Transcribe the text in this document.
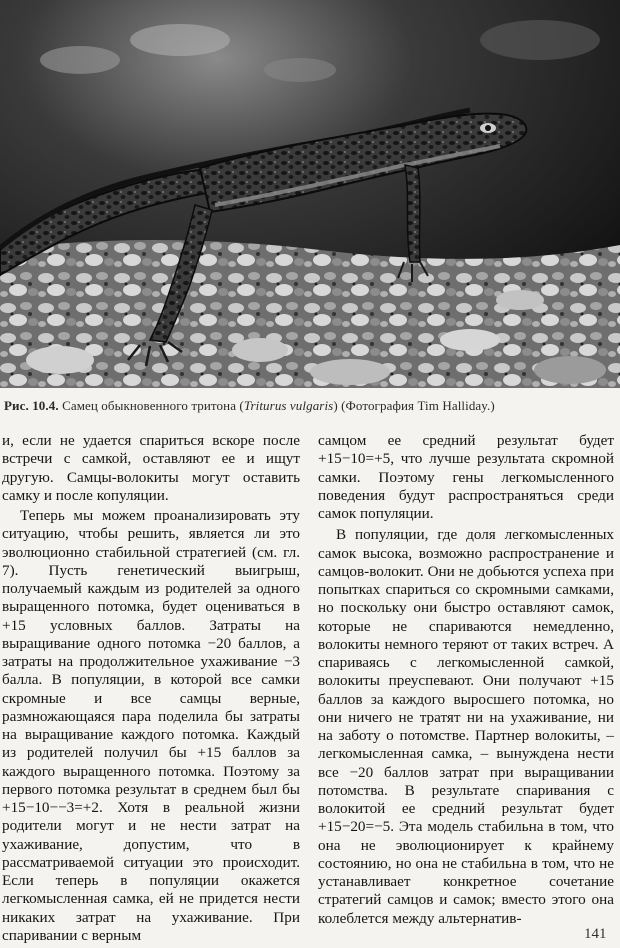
Рис. 10.4. Самец обыкновенного тритона (Triturus vulgaris) (Фотография Tim Halliday.)

и, если не удается спариться вскоре после встречи с самкой, оставляют ее и ищут другую. Самцы-волокиты могут оставить самку и после копуляции.

Теперь мы можем проанализировать эту ситуацию, чтобы решить, является ли это эволюционно стабильной стратегией (см. гл. 7). Пусть генетический выигрыш, получаемый каждым из родителей за одного выращенного потомка, будет оцениваться в +15 условных баллов. Затраты на выращивание одного потомка −20 баллов, а затраты на продолжительное ухаживание −3 балла. В популяции, в которой все самки скромные и все самцы верные, размножающаяся пара поделила бы затраты на выращивание каждого потомка. Каждый из родителей получил бы +15 баллов за каждого выращенного потомка. Поэтому за первого потомка результат в среднем был бы +15−10−−3=+2. Хотя в реальной жизни родители могут и не нести затрат на ухаживание, допустим, что в рассматриваемой ситуации это происходит. Если теперь в популяции окажется легкомысленная самка, ей не придется нести никаких затрат на ухаживание. При спаривании с верным

самцом ее средний результат будет +15−10=+5, что лучше результата скромной самки. Поэтому гены легкомысленного поведения будут распространяться среди самок популяции.

В популяции, где доля легкомысленных самок высока, возможно распространение и самцов-волокит. Они не добьются успеха при попытках спариться со скромными самками, но поскольку они быстро оставляют самок, которые не спариваются немедленно, волокиты немного теряют от таких встреч. А спариваясь с легкомысленной самкой, волокиты преуспевают. Они получают +15 баллов за каждого выросшего потомка, но они ничего не тратят ни на ухаживание, ни на заботу о потомстве. Партнер волокиты, – легкомысленная самка, – вынуждена нести все −20 баллов затрат при выращивании потомства. В результате спаривания с волокитой ее средний результат будет +15−20=−5. Эта модель стабильна в том, что она не эволюционирует к крайнему состоянию, но она не стабильна в том, что не устанавливает конкретное сочетание стратегий самцов и самок; вместо этого она колеблется между альтернатив-

141
